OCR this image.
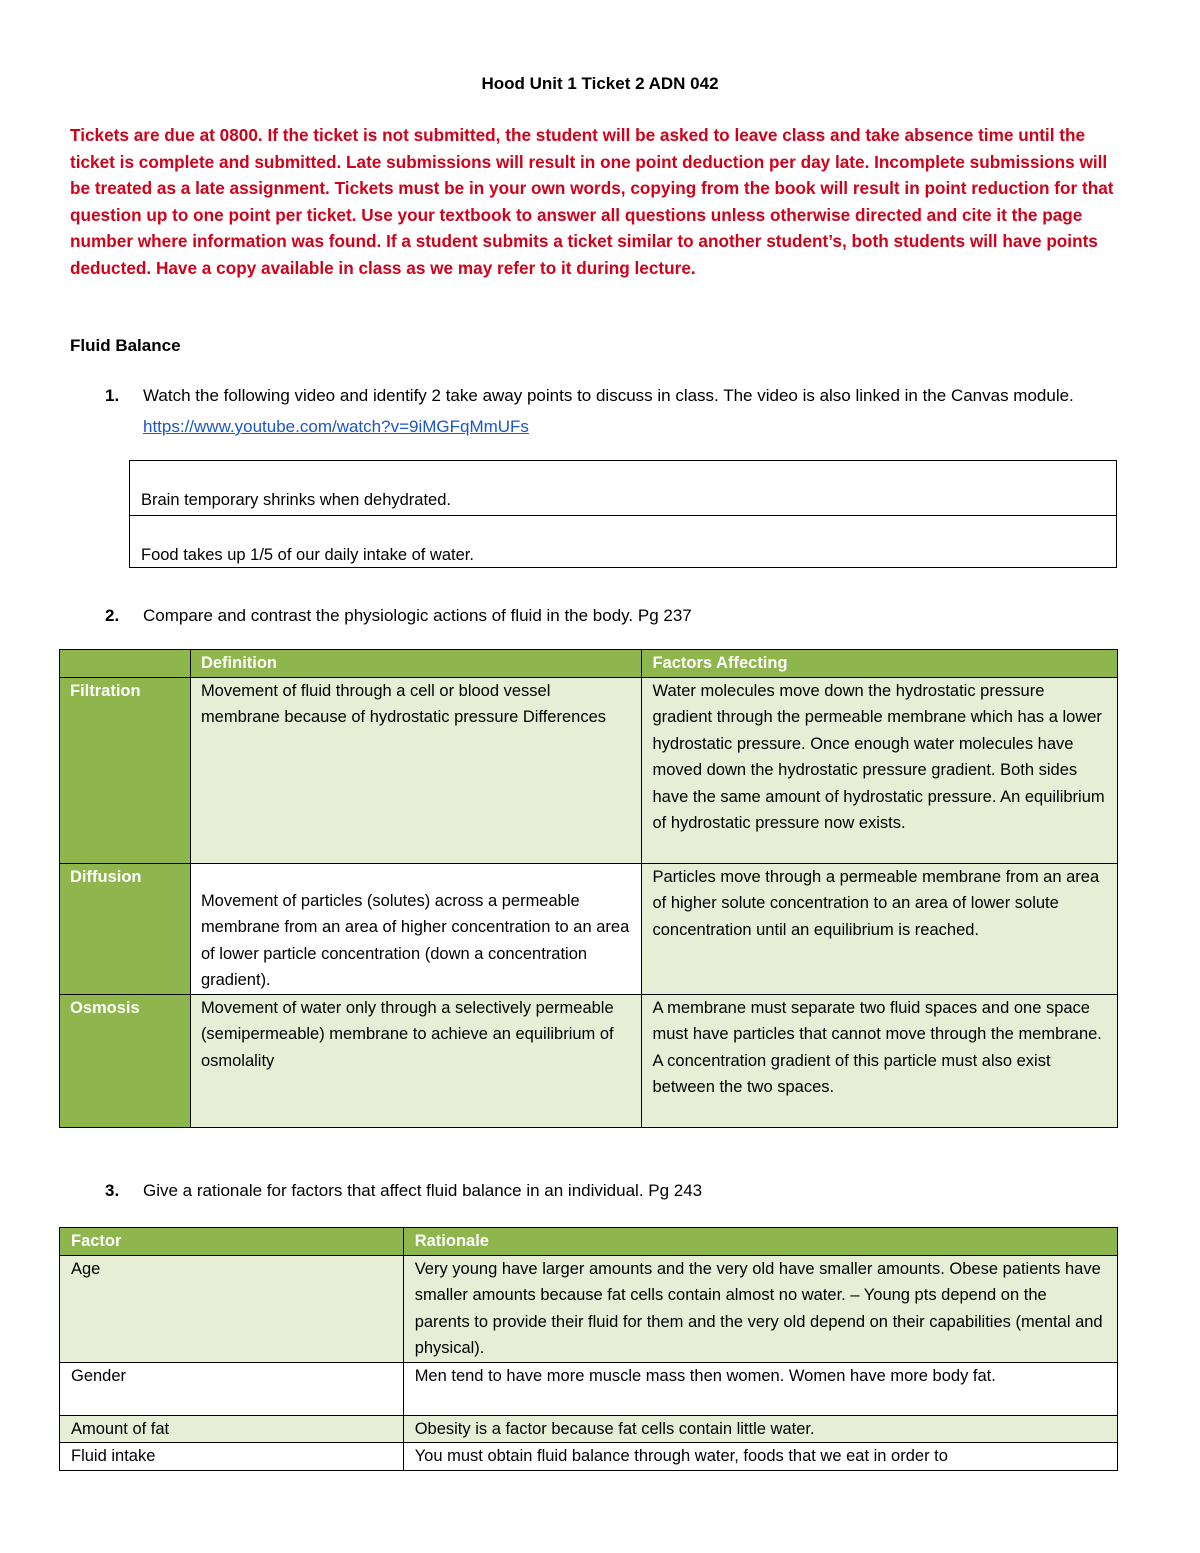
Hood Unit 1 Ticket 2 ADN 042
Tickets are due at 0800. If the ticket is not submitted, the student will be asked to leave class and take absence time until the ticket is complete and submitted. Late submissions will result in one point deduction per day late. Incomplete submissions will be treated as a late assignment. Tickets must be in your own words, copying from the book will result in point reduction for that question up to one point per ticket. Use your textbook to answer all questions unless otherwise directed and cite it the page number where information was found. If a student submits a ticket similar to another student’s, both students will have points deducted. Have a copy available in class as we may refer to it during lecture.
Fluid Balance
1. Watch the following video and identify 2 take away points to discuss in class. The video is also linked in the Canvas module. https://www.youtube.com/watch?v=9iMGFqMmUFs
Brain temporary shrinks when dehydrated.
Food takes up 1/5 of our daily intake of water.
2. Compare and contrast the physiologic actions of fluid in the body. Pg 237
	Definition	Factors Affecting
Filtration	Movement of fluid through a cell or blood vessel membrane because of hydrostatic pressure Differences	Water molecules move down the hydrostatic pressure gradient through the permeable membrane which has a lower hydrostatic pressure. Once enough water molecules have moved down the hydrostatic pressure gradient. Both sides have the same amount of hydrostatic pressure. An equilibrium of hydrostatic pressure now exists.
Diffusion	Movement of particles (solutes) across a permeable membrane from an area of higher concentration to an area of lower particle concentration (down a concentration gradient).	Particles move through a permeable membrane from an area of higher solute concentration to an area of lower solute concentration until an equilibrium is reached.
Osmosis	Movement of water only through a selectively permeable (semipermeable) membrane to achieve an equilibrium of osmolality	A membrane must separate two fluid spaces and one space must have particles that cannot move through the membrane. A concentration gradient of this particle must also exist between the two spaces.
3. Give a rationale for factors that affect fluid balance in an individual. Pg 243
Factor	Rationale
Age	Very young have larger amounts and the very old have smaller amounts. Obese patients have smaller amounts because fat cells contain almost no water. – Young pts depend on the parents to provide their fluid for them and the very old depend on their capabilities (mental and physical).
Gender	Men tend to have more muscle mass then women. Women have more body fat.
Amount of fat	Obesity is a factor because fat cells contain little water.
Fluid intake	You must obtain fluid balance through water, foods that we eat in order to
